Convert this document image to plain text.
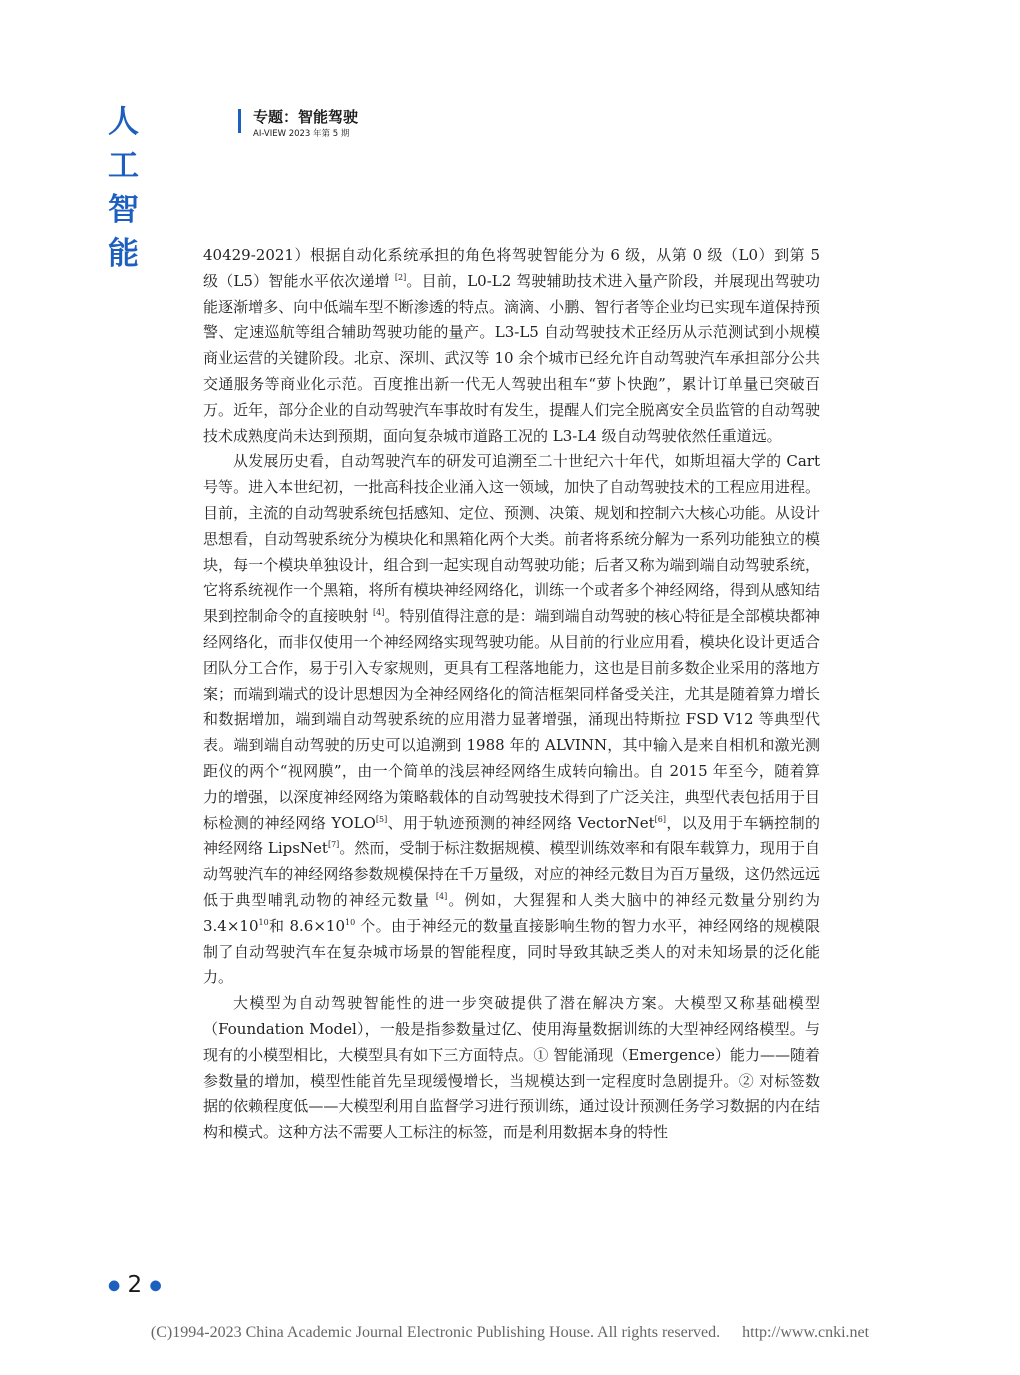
人工智能
专题：智能驾驶
AI-VIEW 2023 年第 5 期

40429-2021）根据自动化系统承担的角色将驾驶智能分为 6 级，从第 0 级（L0）到第 5 级（L5）智能水平依次递增 [2]。目前，L0-L2 驾驶辅助技术进入量产阶段，并展现出驾驶功能逐渐增多、向中低端车型不断渗透的特点。滴滴、小鹏、智行者等企业均已实现车道保持预警、定速巡航等组合辅助驾驶功能的量产。L3-L5 自动驾驶技术正经历从示范测试到小规模商业运营的关键阶段。北京、深圳、武汉等 10 余个城市已经允许自动驾驶汽车承担部分公共交通服务等商业化示范。百度推出新一代无人驾驶出租车“萝卜快跑”，累计订单量已突破百万。近年，部分企业的自动驾驶汽车事故时有发生，提醒人们完全脱离安全员监管的自动驾驶技术成熟度尚未达到预期，面向复杂城市道路工况的 L3-L4 级自动驾驶依然任重道远。

从发展历史看，自动驾驶汽车的研发可追溯至二十世纪六十年代，如斯坦福大学的 Cart 号等。进入本世纪初，一批高科技企业涌入这一领域，加快了自动驾驶技术的工程应用进程。目前，主流的自动驾驶系统包括感知、定位、预测、决策、规划和控制六大核心功能。从设计思想看，自动驾驶系统分为模块化和黑箱化两个大类。前者将系统分解为一系列功能独立的模块，每一个模块单独设计，组合到一起实现自动驾驶功能；后者又称为端到端自动驾驶系统，它将系统视作一个黑箱，将所有模块神经网络化，训练一个或者多个神经网络，得到从感知结果到控制命令的直接映射 [4]。特别值得注意的是：端到端自动驾驶的核心特征是全部模块都神经网络化，而非仅使用一个神经网络实现驾驶功能。从目前的行业应用看，模块化设计更适合团队分工合作，易于引入专家规则，更具有工程落地能力，这也是目前多数企业采用的落地方案；而端到端式的设计思想因为全神经网络化的简洁框架同样备受关注，尤其是随着算力增长和数据增加，端到端自动驾驶系统的应用潜力显著增强，涌现出特斯拉 FSD V12 等典型代表。端到端自动驾驶的历史可以追溯到 1988 年的 ALVINN，其中输入是来自相机和激光测距仪的两个“视网膜”，由一个简单的浅层神经网络生成转向输出。自 2015 年至今，随着算力的增强，以深度神经网络为策略载体的自动驾驶技术得到了广泛关注，典型代表包括用于目标检测的神经网络 YOLO[5]、用于轨迹预测的神经网络 VectorNet[6]，以及用于车辆控制的神经网络 LipsNet[7]。然而，受制于标注数据规模、模型训练效率和有限车载算力，现用于自动驾驶汽车的神经网络参数规模保持在千万量级，对应的神经元数目为百万量级，这仍然远远低于典型哺乳动物的神经元数量 [4]。例如，大猩猩和人类大脑中的神经元数量分别约为 $3.4\times 10^{10}$和 $8.6\times 10^{10}$ 个。由于神经元的数量直接影响生物的智力水平，神经网络的规模限制了自动驾驶汽车在复杂城市场景的智能程度，同时导致其缺乏类人的对未知场景的泛化能力。

大模型为自动驾驶智能性的进一步突破提供了潜在解决方案。大模型又称基础模型（Foundation Model），一般是指参数量过亿、使用海量数据训练的大型神经网络模型。与现有的小模型相比，大模型具有如下三方面特点。① 智能涌现（Emergence）能力——随着参数量的增加，模型性能首先呈现缓慢增长，当规模达到一定程度时急剧提升。② 对标签数据的依赖程度低——大模型利用自监督学习进行预训练，通过设计预测任务学习数据的内在结构和模式。这种方法不需要人工标注的标签，而是利用数据本身的特性

● 2 ●
(C)1994-2023 China Academic Journal Electronic Publishing House. All rights reserved. http://www.cnki.net
